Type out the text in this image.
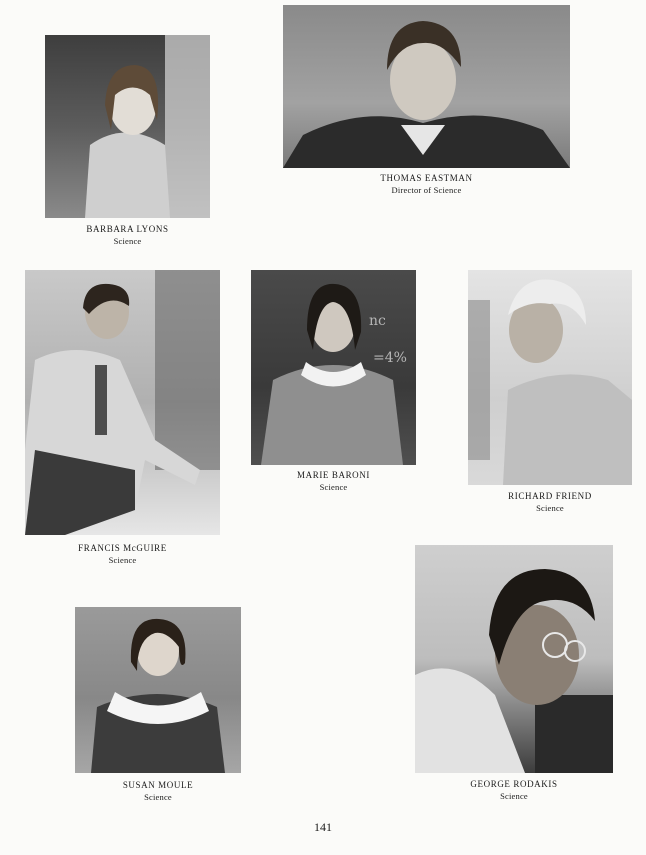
BARBARA LYONS
Science
THOMAS EASTMAN
Director of Science
FRANCIS McGUIRE
Science
nc
=4%
MARIE BARONI
Science
RICHARD FRIEND
Science
SUSAN MOULE
Science
GEORGE RODAKIS
Science
141
